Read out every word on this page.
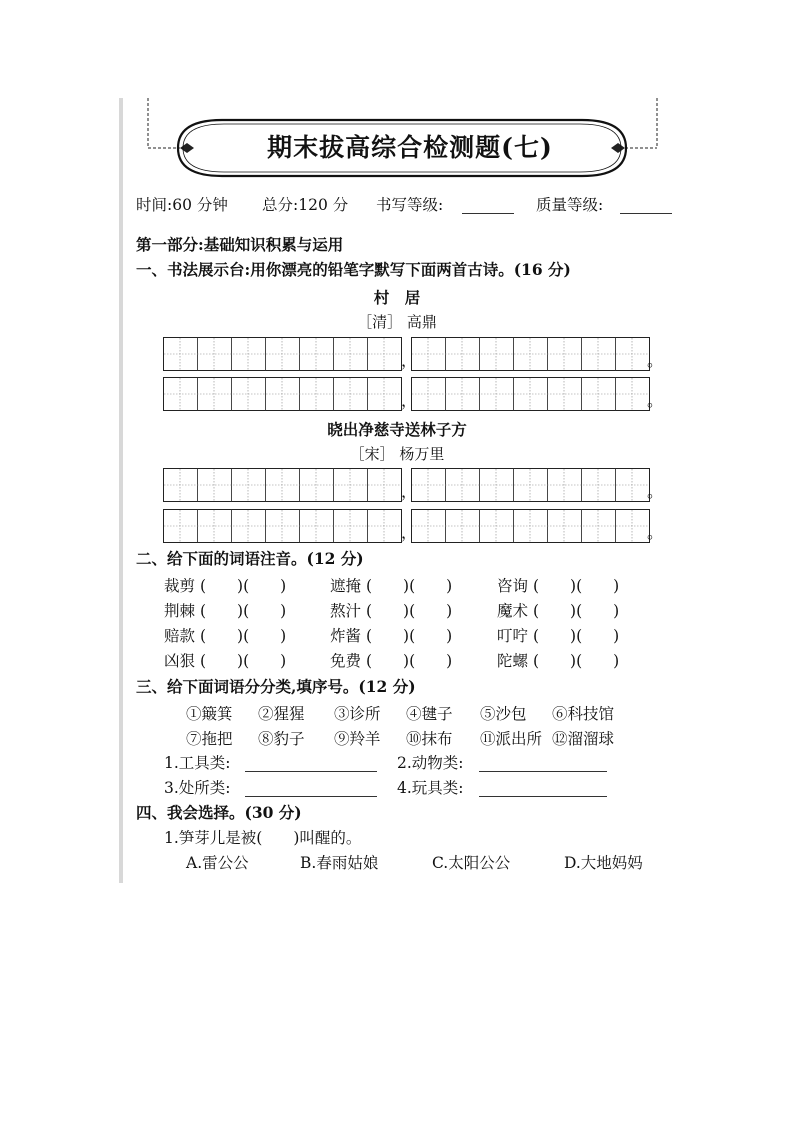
期末拔高综合检测题(七)
时间:60 分钟 总分:120 分 书写等级:	质量等级:
第一部分:基础知识积累与运用
一、书法展示台:用你漂亮的铅笔字默写下面两首古诗。(16 分)
村　居
［清］ 高鼎
，	。
，	。
晓出净慈寺送林子方
［宋］ 杨万里
，	。
，	。
二、给下面的词语注音。(12 分)
裁剪 (　　)(　　)	遮掩 (　　)(　　)	咨询 (　　)(　　)
荆棘 (　　)(　　)	熬汁 (　　)(　　)	魔术 (　　)(　　)
赔款 (　　)(　　)	炸酱 (　　)(　　)	叮咛 (　　)(　　)
凶狠 (　　)(　　)	免费 (　　)(　　)	陀螺 (　　)(　　)
三、给下面词语分分类,填序号。(12 分)
①簸箕 ②猩猩 ③诊所 ④毽子 ⑤沙包 ⑥科技馆
⑦拖把 ⑧豹子 ⑨羚羊 ⑩抹布 ⑪派出所 ⑫溜溜球
1.工具类:	2.动物类:
3.处所类:	4.玩具类:
四、我会选择。(30 分)
1.笋芽儿是被(　　)叫醒的。
A.雷公公	B.春雨姑娘	C.太阳公公	D.大地妈妈
